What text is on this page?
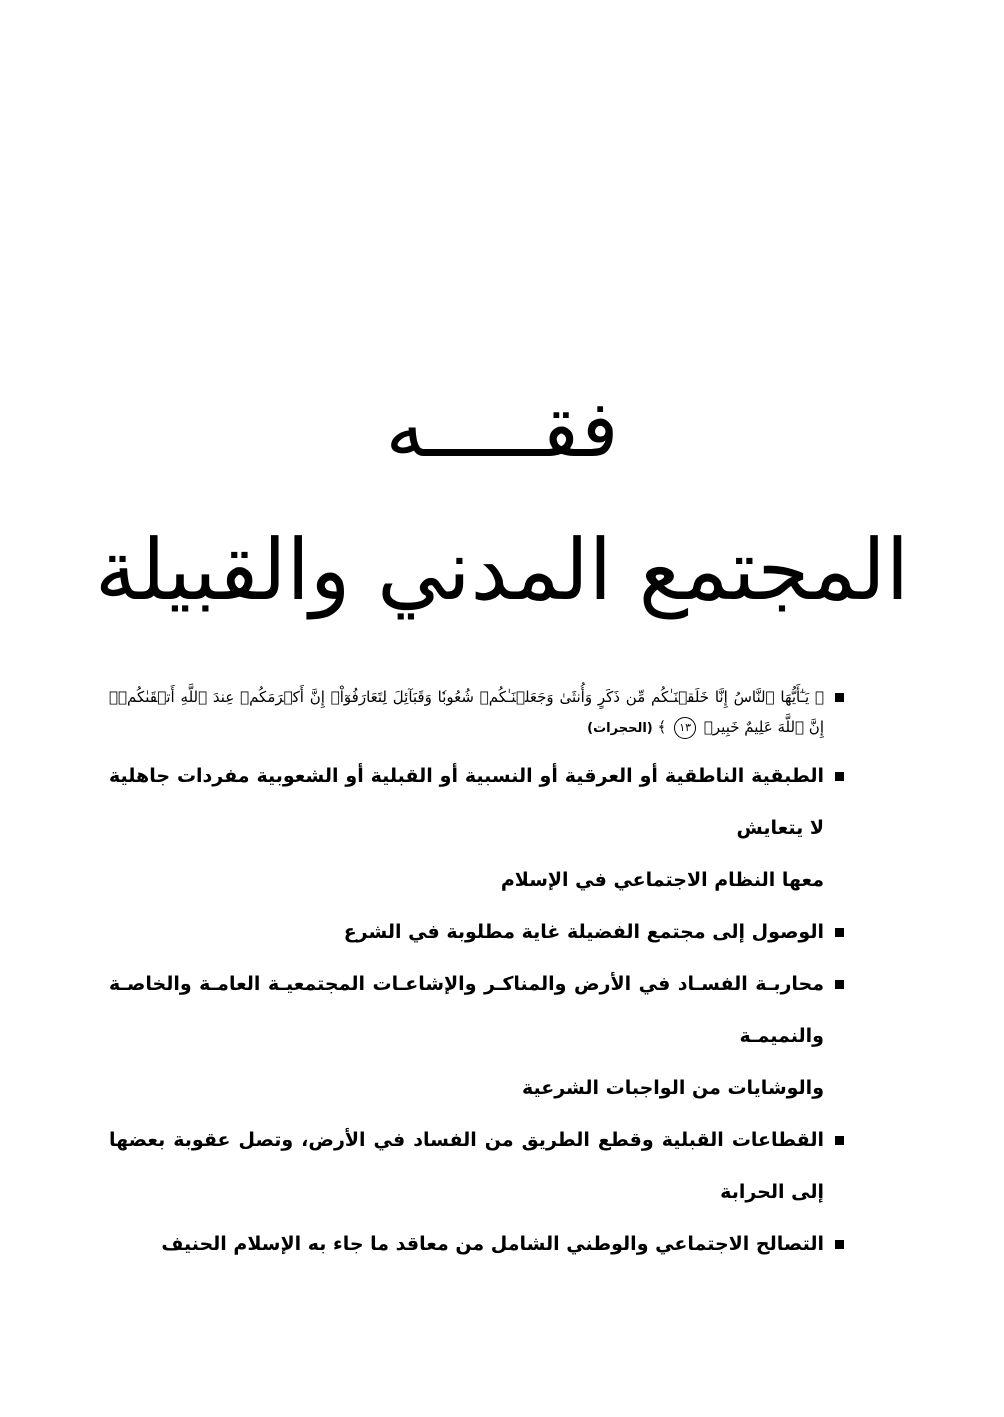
فقـــــه
المجتمع المدني والقبيلة
﴿ يَـٰٓأَيُّهَا ٱلنَّاسُ إِنَّا خَلَقۡنَـٰكُم مِّن ذَكَرٍ وَأُنثَىٰ وَجَعَلۡنَـٰكُمۡ شُعُوبٗا وَقَبَآئِلَ لِتَعَارَفُوٓاْۚ إِنَّ أَكۡرَمَكُمۡ عِندَ ٱللَّهِ أَتۡقَىٰكُمۡۚ إِنَّ ٱللَّهَ عَلِيمٌ خَبِيرٞ ١٣ ﴾ (الحجرات)
الطبقية الناطقية أو العرقية أو النسبية أو القبلية أو الشعوبية مفردات جاهلية لا يتعايش
معها النظام الاجتماعي في الإسلام
الوصول إلى مجتمع الفضيلة غاية مطلوبة في الشرع
محاربـة الفسـاد في الأرض والمناكـر والإشاعـات المجتمعيـة العامـة والخاصـة والنميمـة
والوشايات من الواجبات الشرعية
القطاعات القبلية وقطع الطريق من الفساد في الأرض، وتصل عقوبة بعضها إلى الحرابة
التصالح الاجتماعي والوطني الشامل من معاقد ما جاء به الإسلام الحنيف
